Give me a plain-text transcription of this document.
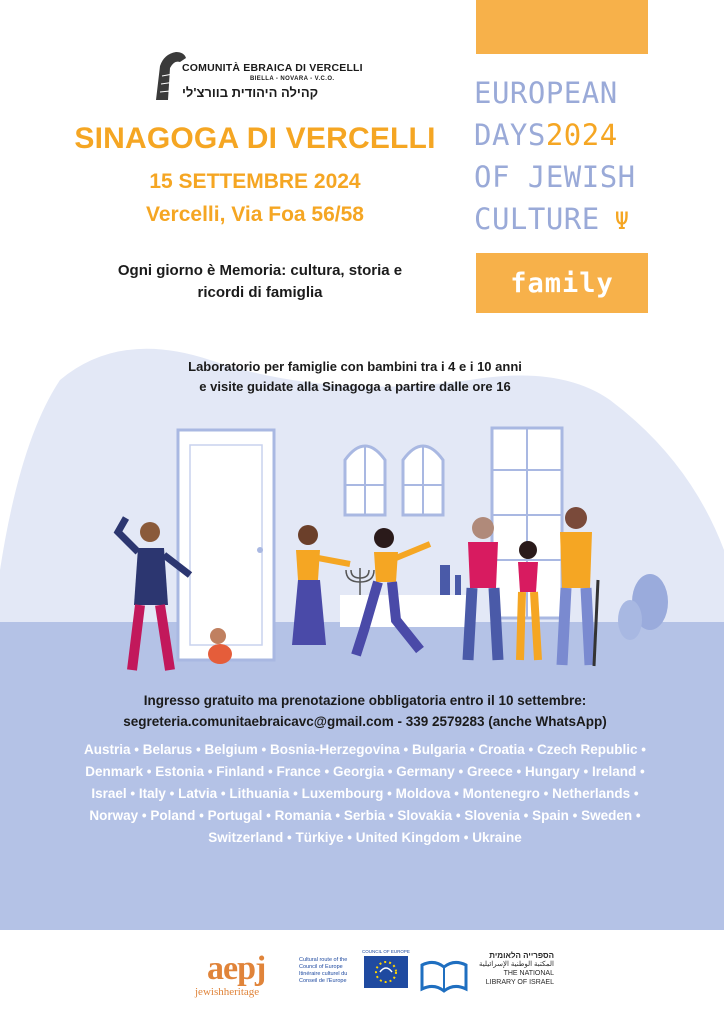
COMUNITÀ EBRAICA DI VERCELLI
BIELLA - NOVARA - V.C.O.
קהילה היהודית בוורצ'לי
SINAGOGA DI VERCELLI
15 SETTEMBRE 2024
Vercelli, Via Foa 56/58
Ogni giorno è Memoria: cultura, storia e
ricordi di famiglia
EUROPEAN
DAYS2024
OF JEWISH
CULTURE Ψ
family
Laboratorio per famiglie con bambini tra i 4 e i 10 anni
e visite guidate alla Sinagoga a partire dalle ore 16
Ingresso gratuito ma prenotazione obbligatoria entro il 10 settembre:
segreteria.comunitaebraicavc@gmail.com - 339 2579283 (anche WhatsApp)
Austria • Belarus • Belgium • Bosnia-Herzegovina • Bulgaria • Croatia • Czech Republic • Denmark • Estonia • Finland • France • Georgia • Germany • Greece • Hungary • Ireland • Israel • Italy • Latvia • Lithuania • Luxembourg • Moldova • Montenegro • Netherlands • Norway • Poland • Portugal • Romania • Serbia • Slovakia • Slovenia • Spain • Sweden • Switzerland • Türkiye • United Kingdom • Ukraine
aepj
jewishheritage
Cultural route of the Council of Europe
Itinéraire culturel du Conseil de l'Europe
COUNCIL OF EUROPE	הספרייה הלאומית
المكتبة الوطنية الإسرائيلية
THE NATIONAL LIBRARY OF ISRAEL
